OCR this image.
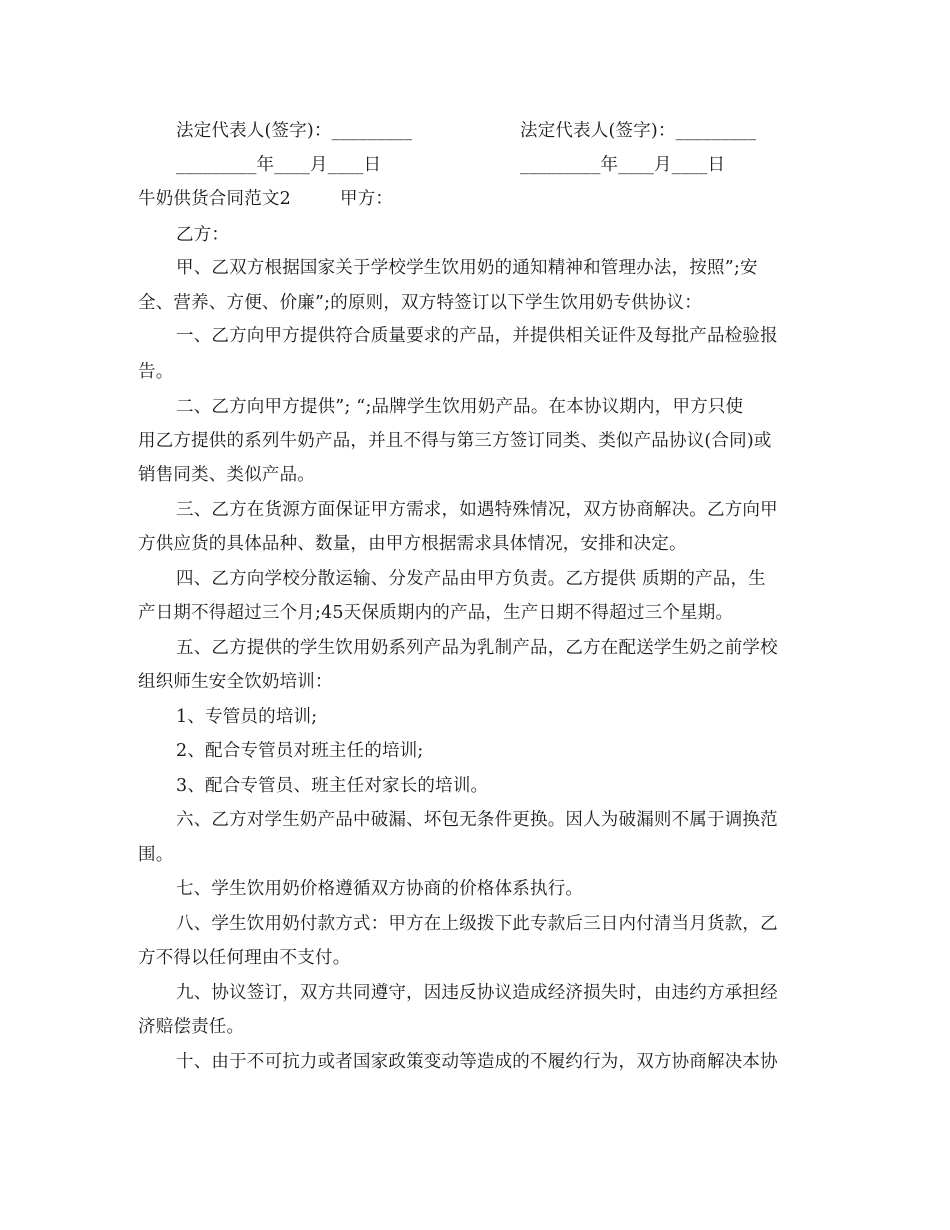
法定代表人(签字)：_________	法定代表人(签字)：_________
_________年____月____日	_________年____月____日
牛奶供货合同范文2	甲方：
乙方：
甲、乙双方根据国家关于学校学生饮用奶的通知精神和管理办法，按照”;安
全、营养、方便、价廉”;的原则，双方特签订以下学生饮用奶专供协议：
一、乙方向甲方提供符合质量要求的产品，并提供相关证件及每批产品检验报
告。
二、乙方向甲方提供”; “;品牌学生饮用奶产品。在本协议期内，甲方只使
用乙方提供的系列牛奶产品，并且不得与第三方签订同类、类似产品协议(合同)或
销售同类、类似产品。
三、乙方在货源方面保证甲方需求，如遇特殊情况，双方协商解决。乙方向甲
方供应货的具体品种、数量，由甲方根据需求具体情况，安排和决定。
四、乙方向学校分散运输、分发产品由甲方负责。乙方提供 质期的产品，生
产日期不得超过三个月;45天保质期内的产品，生产日期不得超过三个星期。
五、乙方提供的学生饮用奶系列产品为乳制产品，乙方在配送学生奶之前学校
组织师生安全饮奶培训：
1、专管员的培训;
2、配合专管员对班主任的培训;
3、配合专管员、班主任对家长的培训。
六、乙方对学生奶产品中破漏、坏包无条件更换。因人为破漏则不属于调换范
围。
七、学生饮用奶价格遵循双方协商的价格体系执行。
八、学生饮用奶付款方式：甲方在上级拨下此专款后三日内付清当月货款，乙
方不得以任何理由不支付。
九、协议签订，双方共同遵守，因违反协议造成经济损失时，由违约方承担经
济赔偿责任。
十、由于不可抗力或者国家政策变动等造成的不履约行为，双方协商解决本协
